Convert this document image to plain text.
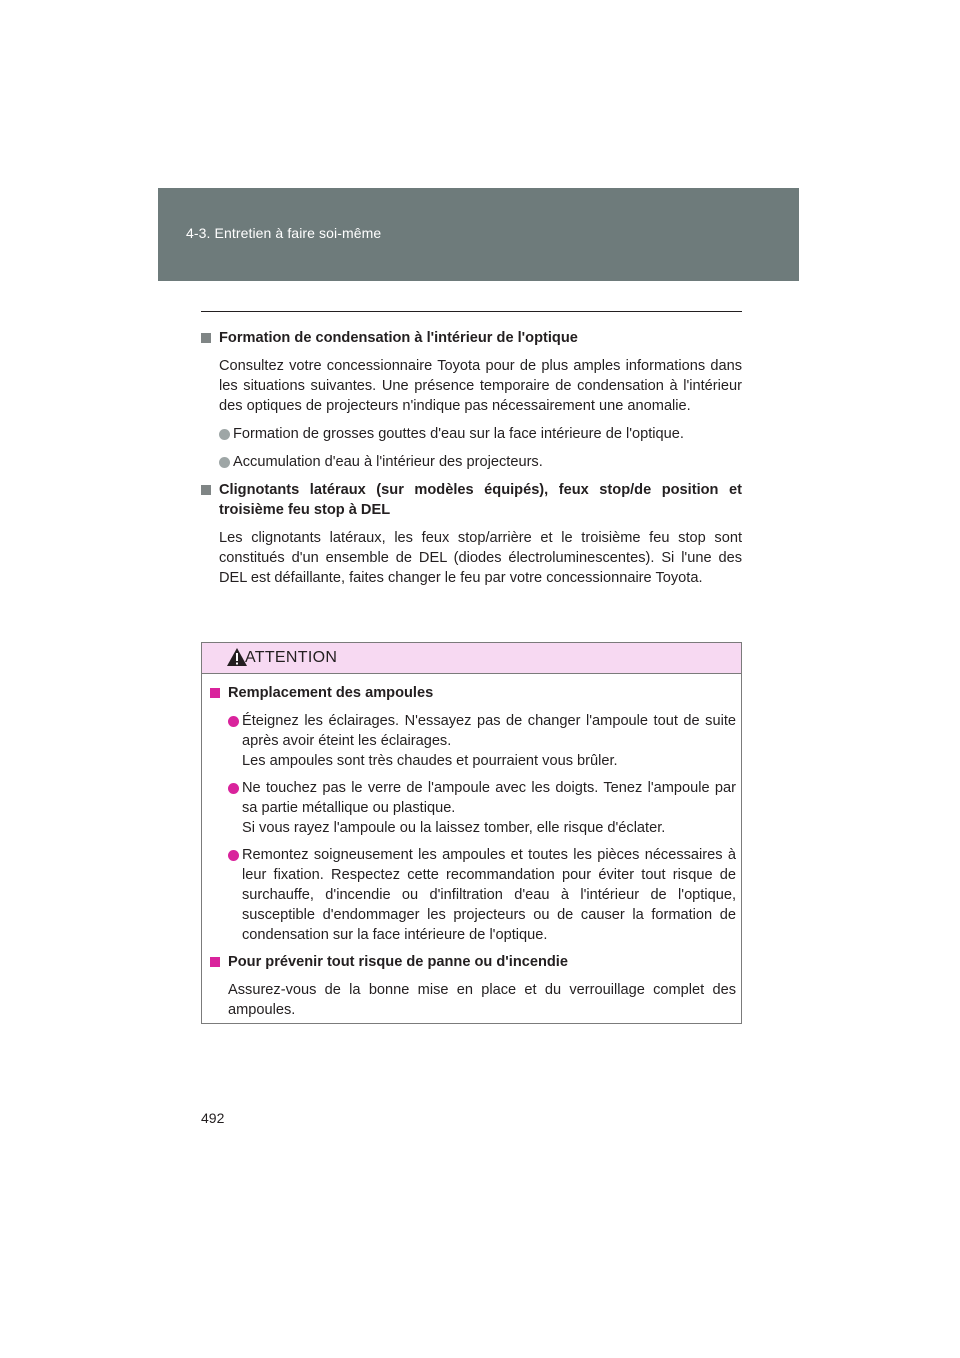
4-3. Entretien à faire soi-même
Formation de condensation à l'intérieur de l'optique
Consultez votre concessionnaire Toyota pour de plus amples informations dans les situations suivantes. Une présence temporaire de condensation à l'intérieur des optiques de projecteurs n'indique pas nécessairement une anomalie.
Formation de grosses gouttes d'eau sur la face intérieure de l'optique.
Accumulation d'eau à l'intérieur des projecteurs.
Clignotants latéraux (sur modèles équipés), feux stop/de position et troisième feu stop à DEL
Les clignotants latéraux, les feux stop/arrière et le troisième feu stop sont constitués d'un ensemble de DEL (diodes électroluminescentes). Si l'une des DEL est défaillante, faites changer le feu par votre concessionnaire Toyota.
ATTENTION
Remplacement des ampoules
Éteignez les éclairages. N'essayez pas de changer l'ampoule tout de suite après avoir éteint les éclairages.
Les ampoules sont très chaudes et pourraient vous brûler.
Ne touchez pas le verre de l'ampoule avec les doigts. Tenez l'ampoule par sa partie métallique ou plastique.
Si vous rayez l'ampoule ou la laissez tomber, elle risque d'éclater.
Remontez soigneusement les ampoules et toutes les pièces nécessaires à leur fixation. Respectez cette recommandation pour éviter tout risque de surchauffe, d'incendie ou d'infiltration d'eau à l'intérieur de l'optique, susceptible d'endommager les projecteurs ou de causer la formation de condensation sur la face intérieure de l'optique.
Pour prévenir tout risque de panne ou d'incendie
Assurez-vous de la bonne mise en place et du verrouillage complet des ampoules.
492
